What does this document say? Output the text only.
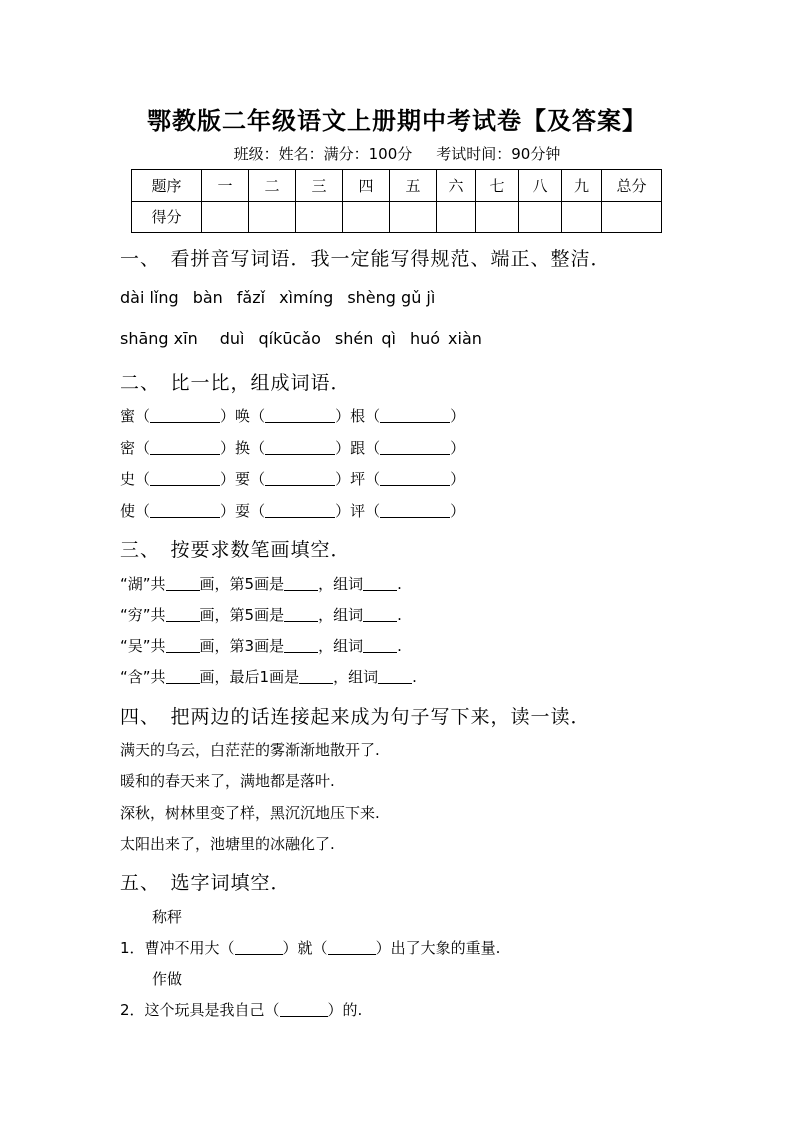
鄂教版二年级语文上册期中考试卷【及答案】
班级：姓名：满分：100分 考试时间：90分钟
题序	一	二	三	四	五	六	七	八	九	总分
得分										
一、　看拼音写词语．我一定能写得规范、端正、整洁．
dài lǐng bàn fǎzǐ xìmíng shèng gǔ jì
shāng xīn duì qíkūcǎo shén qì huó xiàn
二、　比一比，组成词语．
蜜（	）唤（	）根（	）
密（	）换（	）跟（	）
史（	）要（	）坪（	）
使（	）耍（	）评（	）
三、　按要求数笔画填空．
“湖”共 画，第5画是 ，组词 .
“穷”共 画，第5画是 ，组词 .
“吴”共 画，第3画是 ，组词 .
“含”共 画，最后1画是 ，组词 .
四、　把两边的话连接起来成为句子写下来，读一读．
满天的乌云，白茫茫的雾渐渐地散开了.
暖和的春天来了，满地都是落叶.
深秋，树林里变了样，黑沉沉地压下来.
太阳出来了，池塘里的冰融化了.
五、　选字词填空．
称秤
1．曹冲不用大（	）就（	）出了大象的重量.
作做
2．这个玩具是我自己（	）的.
